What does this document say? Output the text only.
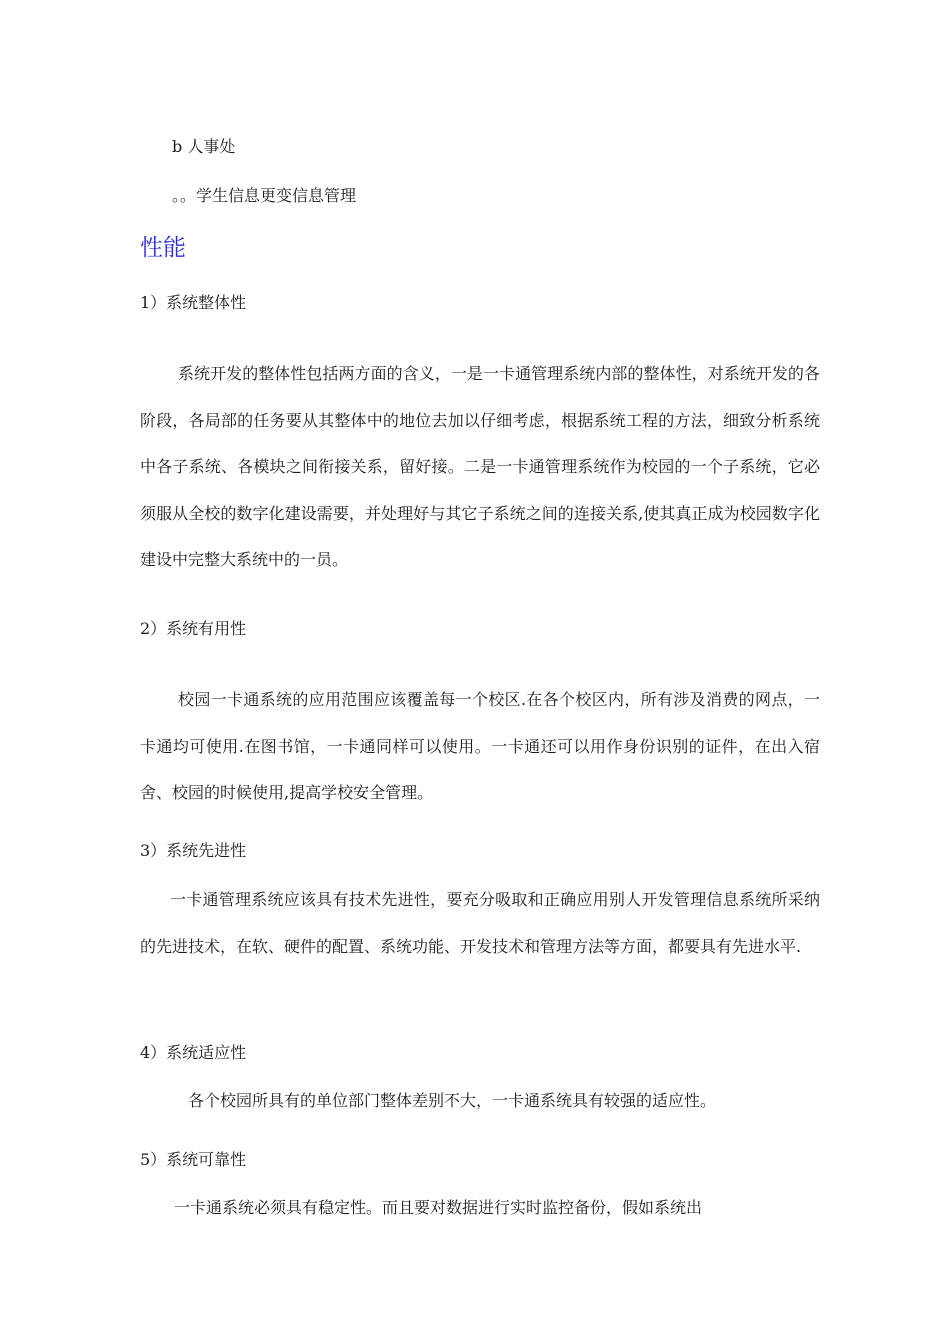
b 人事处

。。学生信息更变信息管理

性能

1）系统整体性

系统开发的整体性包括两方面的含义，一是一卡通管理系统内部的整体性，对系统开发的各阶段，各局部的任务要从其整体中的地位去加以仔细考虑，根据系统工程的方法，细致分析系统中各子系统、各模块之间衔接关系，留好接。二是一卡通管理系统作为校园的一个子系统，它必须服从全校的数字化建设需要，并处理好与其它子系统之间的连接关系,使其真正成为校园数字化建设中完整大系统中的一员。

2）系统有用性

校园一卡通系统的应用范围应该覆盖每一个校区.在各个校区内，所有涉及消费的网点，一卡通均可使用.在图书馆，一卡通同样可以使用。一卡通还可以用作身份识别的证件，在出入宿舍、校园的时候使用,提高学校安全管理。

3）系统先进性

一卡通管理系统应该具有技术先进性，要充分吸取和正确应用别人开发管理信息系统所采纳的先进技术，在软、硬件的配置、系统功能、开发技术和管理方法等方面，都要具有先进水平.

4）系统适应性

各个校园所具有的单位部门整体差别不大，一卡通系统具有较强的适应性。

5）系统可靠性

一卡通系统必须具有稳定性。而且要对数据进行实时监控备份，假如系统出
